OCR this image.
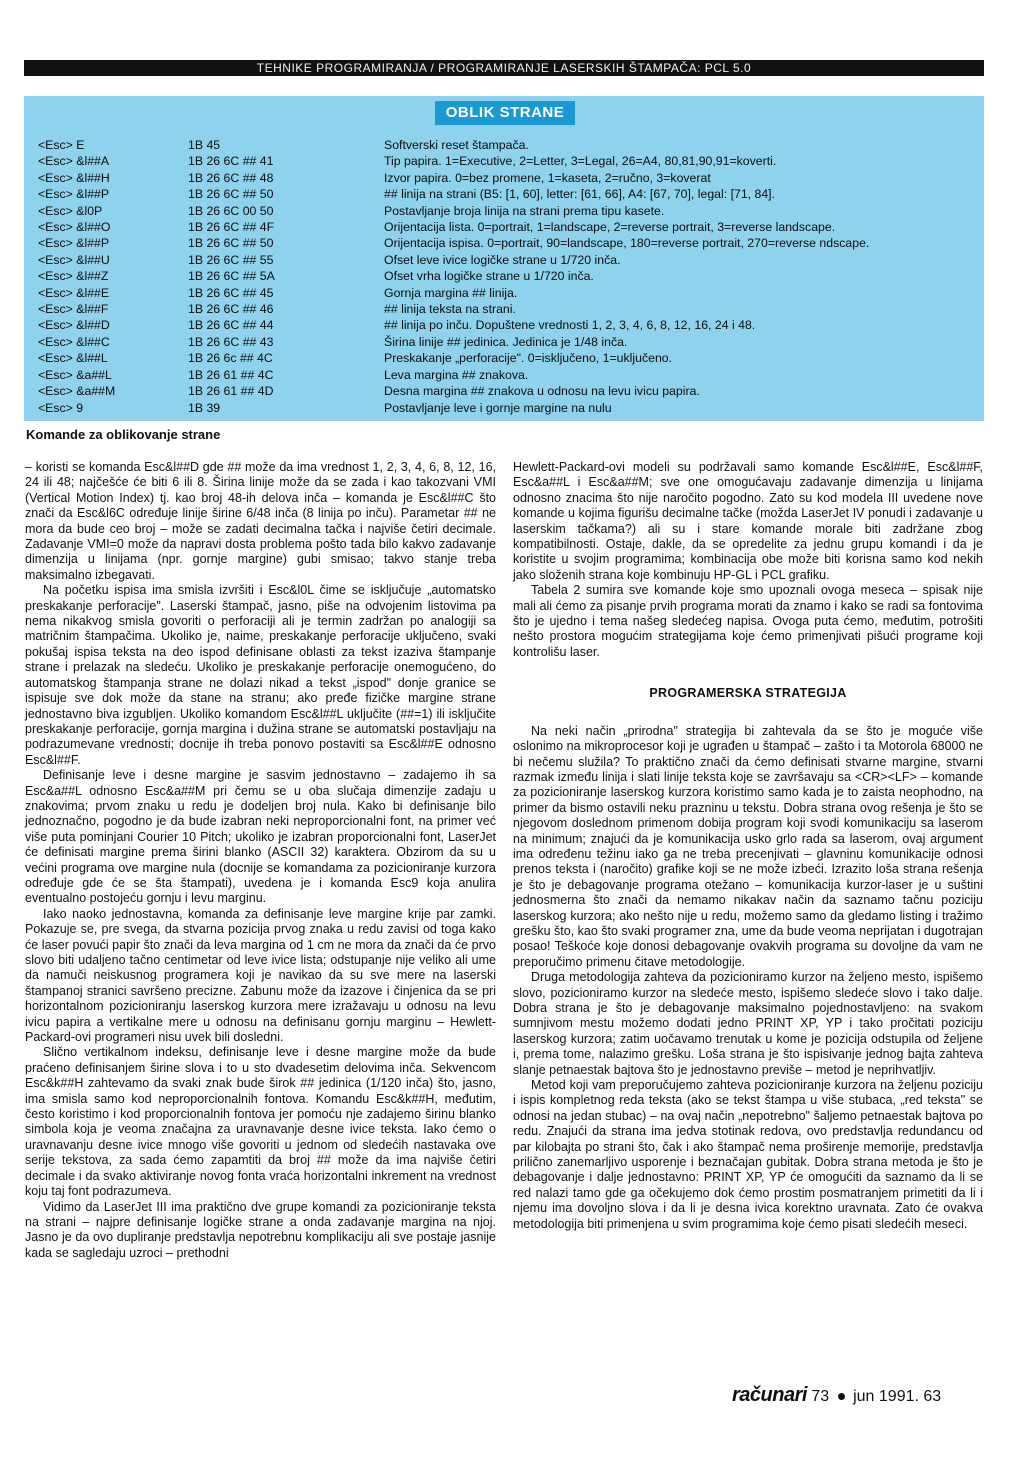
TEHNIKE PROGRAMIRANJA / PROGRAMIRANJE LASERSKIH ŠTAMPAČA: PCL 5.0
OBLIK STRANE
<Esc> E	1B 45	Softverski reset štampača.
<Esc> &l##A	1B 26 6C ## 41	Tip papira. 1=Executive, 2=Letter, 3=Legal, 26=A4, 80,81,90,91=koverti.
<Esc> &l##H	1B 26 6C ## 48	Izvor papira. 0=bez promene, 1=kaseta, 2=ručno, 3=koverat
<Esc> &l##P	1B 26 6C ## 50	## linija na strani (B5: [1, 60], letter: [61, 66], A4: [67, 70], legal: [71, 84].
<Esc> &l0P	1B 26 6C 00 50	Postavljanje broja linija na strani prema tipu kasete.
<Esc> &l##O	1B 26 6C ## 4F	Orijentacija lista. 0=portrait, 1=landscape, 2=reverse portrait, 3=reverse landscape.
<Esc> &l##P	1B 26 6C ## 50	Orijentacija ispisa. 0=portrait, 90=landscape, 180=reverse portrait, 270=reverse ndscape.
<Esc> &l##U	1B 26 6C ## 55	Ofset leve ivice logičke strane u 1/720 inča.
<Esc> &l##Z	1B 26 6C ## 5A	Ofset vrha logičke strane u 1/720 inča.
<Esc> &l##E	1B 26 6C ## 45	Gornja margina ## linija.
<Esc> &l##F	1B 26 6C ## 46	## linija teksta na strani.
<Esc> &l##D	1B 26 6C ## 44	## linija po inču. Dopuštene vrednosti 1, 2, 3, 4, 6, 8, 12, 16, 24 i 48.
<Esc> &l##C	1B 26 6C ## 43	Širina linije ## jedinica. Jedinica je 1/48 inča.
<Esc> &l##L	1B 26 6c ## 4C	Preskakanje „perforacije". 0=isključeno, 1=uključeno.
<Esc> &a##L	1B 26 61 ## 4C	Leva margina ## znakova.
<Esc> &a##M	1B 26 61 ## 4D	Desna margina ## znakova u odnosu na levu ivicu papira.
<Esc> 9	1B 39	Postavljanje leve i gornje margine na nulu
Komande za oblikovanje strane

– koristi se komanda Esc&l##D gde ## može da ima vrednost 1, 2, 3, 4, 6, 8, 12, 16, 24 ili 48; najčešće će biti 6 ili 8. Širina linije može da se zada i kao takozvani VMI (Vertical Motion Index) tj. kao broj 48-ih delova inča – komanda je Esc&l##C što znači da Esc&l6C određuje linije širine 6/48 inča (8 linija po inču). Parametar ## ne mora da bude ceo broj – može se zadati decimalna tačka i najviše četiri decimale. Zadavanje VMI=0 može da napravi dosta problema pošto tada bilo kakvo zadavanje dimenzija u linijama (npr. gornje margine) gubi smisao; takvo stanje treba maksimalno izbegavati.

Na početku ispisa ima smisla izvršiti i Esc&l0L čime se isključuje „automatsko preskakanje perforacije". Laserski štampač, jasno, piše na odvojenim listovima pa nema nikakvog smisla govoriti o perforaciji ali je termin zadržan po analogiji sa matričnim štampačima. Ukoliko je, naime, preskakanje perforacije uključeno, svaki pokušaj ispisa teksta na deo ispod definisane oblasti za tekst izaziva štampanje strane i prelazak na sledeću. Ukoliko je preskakanje perforacije onemogućeno, do automatskog štampanja strane ne dolazi nikad a tekst „ispod" donje granice se ispisuje sve dok može da stane na stranu; ako pređe fizičke margine strane jednostavno biva izgubljen. Ukoliko komandom Esc&l##L uključite (##=1) ili isključite preskakanje perforacije, gornja margina i dužina strane se automatski postavljaju na podrazumevane vrednosti; docnije ih treba ponovo postaviti sa Esc&l##E odnosno Esc&l##F.

Definisanje leve i desne margine je sasvim jednostavno – zadajemo ih sa Esc&a##L odnosno Esc&a##M pri čemu se u oba slučaja dimenzije zadaju u znakovima; prvom znaku u redu je dodeljen broj nula. Kako bi definisanje bilo jednoznačno, pogodno je da bude izabran neki neproporcionalni font, na primer već više puta pominjani Courier 10 Pitch; ukoliko je izabran proporcionalni font, LaserJet će definisati margine prema širini blanko (ASCII 32) karaktera. Obzirom da su u većini programa ove margine nula (docnije se komandama za pozicioniranje kurzora određuje gde će se šta štampati), uvedena je i komanda Esc9 koja anulira eventualno postojeću gornju i levu marginu.

Iako naoko jednostavna, komanda za definisanje leve margine krije par zamki. Pokazuje se, pre svega, da stvarna pozicija prvog znaka u redu zavisi od toga kako će laser povući papir što znači da leva margina od 1 cm ne mora da znači da će prvo slovo biti udaljeno tačno centimetar od leve ivice lista; odstupanje nije veliko ali ume da namuči neiskusnog programera koji je navikao da su sve mere na laserski štampanoj stranici savršeno precizne. Zabunu može da izazove i činjenica da se pri horizontalnom pozicioniranju laserskog kurzora mere izražavaju u odnosu na levu ivicu papira a vertikalne mere u odnosu na definisanu gornju marginu – Hewlett-Packard-ovi programeri nisu uvek bili dosledni.

Slično vertikalnom indeksu, definisanje leve i desne margine može da bude praćeno definisanjem širine slova i to u sto dvadesetim delovima inča. Sekvencom Esc&k##H zahtevamo da svaki znak bude širok ## jedinica (1/120 inča) što, jasno, ima smisla samo kod neproporcionalnih fontova. Komandu Esc&k##H, međutim, često koristimo i kod proporcionalnih fontova jer pomoću nje zadajemo širinu blanko simbola koja je veoma značajna za uravnavanje desne ivice teksta. Iako ćemo o uravnavanju desne ivice mnogo više govoriti u jednom od sledećih nastavaka ove serije tekstova, za sada ćemo zapamtiti da broj ## može da ima najviše četiri decimale i da svako aktiviranje novog fonta vraća horizontalni inkrement na vrednost koju taj font podrazumeva.

Vidimo da LaserJet III ima praktično dve grupe komandi za pozicioniranje teksta na strani – najpre definisanje logičke strane a onda zadavanje margina na njoj. Jasno je da ovo dupliranje predstavlja nepotrebnu komplikaciju ali sve postaje jasnije kada se sagledaju uzroci – prethodni

Hewlett-Packard-ovi modeli su podržavali samo komande Esc&l##E, Esc&l##F, Esc&a##L i Esc&a##M; sve one omogućavaju zadavanje dimenzija u linijama odnosno znacima što nije naročito pogodno. Zato su kod modela III uvedene nove komande u kojima figurišu decimalne tačke (možda LaserJet IV ponudi i zadavanje u laserskim tačkama?) ali su i stare komande morale biti zadržane zbog kompatibilnosti. Ostaje, dakle, da se opredelite za jednu grupu komandi i da je koristite u svojim programima; kombinacija obe može biti korisna samo kod nekih jako složenih strana koje kombinuju HP-GL i PCL grafiku.

Tabela 2 sumira sve komande koje smo upoznali ovoga meseca – spisak nije mali ali ćemo za pisanje prvih programa morati da znamo i kako se radi sa fontovima što je ujedno i tema našeg sledećeg napisa. Ovoga puta ćemo, međutim, potrošiti nešto prostora mogućim strategijama koje ćemo primenjivati pišući programe koji kontrolišu laser.

PROGRAMERSKA STRATEGIJA

Na neki način „prirodna" strategija bi zahtevala da se što je moguće više oslonimo na mikroprocesor koji je ugrađen u štampač – zašto i ta Motorola 68000 ne bi nečemu služila? To praktično znači da ćemo definisati stvarne margine, stvarni razmak između linija i slati linije teksta koje se završavaju sa <CR><LF> – komande za pozicioniranje laserskog kurzora koristimo samo kada je to zaista neophodno, na primer da bismo ostavili neku prazninu u tekstu. Dobra strana ovog rešenja je što se njegovom doslednom primenom dobija program koji svodi komunikaciju sa laserom na minimum; znajući da je komunikacija usko grlo rada sa laserom, ovaj argument ima određenu težinu iako ga ne treba precenjivati – glavninu komunikacije odnosi prenos teksta i (naročito) grafike koji se ne može izbeći. Izrazito loša strana rešenja je što je debagovanje programa otežano – komunikacija kurzor-laser je u suštini jednosmerna što znači da nemamo nikakav način da saznamo tačnu poziciju laserskog kurzora; ako nešto nije u redu, možemo samo da gledamo listing i tražimo grešku što, kao što svaki programer zna, ume da bude veoma neprijatan i dugotrajan posao! Teškoće koje donosi debagovanje ovakvih programa su dovoljne da vam ne preporučimo primenu čitave metodologije.

Druga metodologija zahteva da pozicioniramo kurzor na željeno mesto, ispišemo slovo, pozicioniramo kurzor na sledeće mesto, ispišemo sledeće slovo i tako dalje. Dobra strana je što je debagovanje maksimalno pojednostavljeno: na svakom sumnjivom mestu možemo dodati jedno PRINT XP, YP i tako pročitati poziciju laserskog kurzora; zatim uočavamo trenutak u kome je pozicija odstupila od željene i, prema tome, nalazimo grešku. Loša strana je što ispisivanje jednog bajta zahteva slanje petnaestak bajtova što je jednostavno previše – metod je neprihvatljiv.

Metod koji vam preporučujemo zahteva pozicioniranje kurzora na željenu poziciju i ispis kompletnog reda teksta (ako se tekst štampa u više stubaca, „red teksta" se odnosi na jedan stubac) – na ovaj način „nepotrebno" šaljemo petnaestak bajtova po redu. Znajući da strana ima jedva stotinak redova, ovo predstavlja redundancu od par kilobajta po strani što, čak i ako štampač nema proširenje memorije, predstavlja prilično zanemarljivo usporenje i beznačajan gubitak. Dobra strana metoda je što je debagovanje i dalje jednostavno: PRINT XP, YP će omogućiti da saznamo da li se red nalazi tamo gde ga očekujemo dok ćemo prostim posmatranjem primetiti da li i njemu ima dovoljno slova i da li je desna ivica korektno uravnata. Zato će ovakva metodologija biti primenjena u svim programima koje ćemo pisati sledećih meseci.

računari 73 jun 1991. 63
